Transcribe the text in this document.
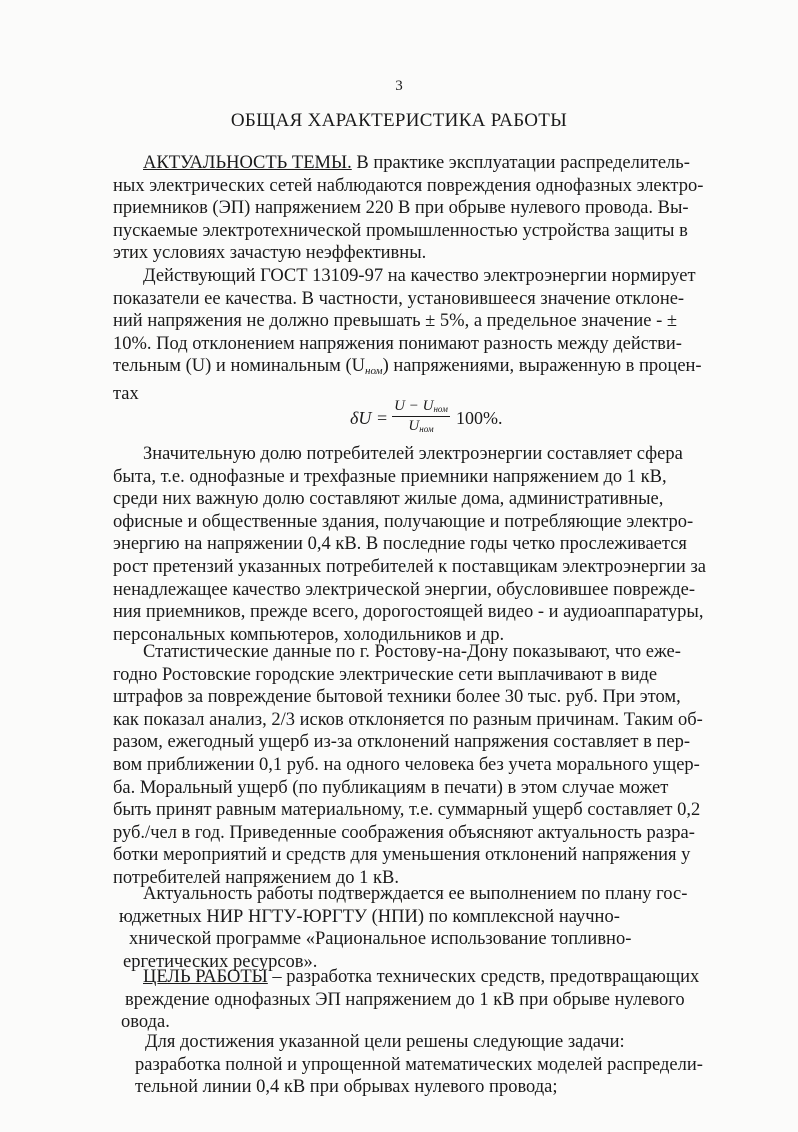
3
ОБЩАЯ ХАРАКТЕРИСТИКА РАБОТЫ
АКТУАЛЬНОСТЬ ТЕМЫ. В практике эксплуатации распределитель-
ных электрических сетей наблюдаются повреждения однофазных электро-
приемников (ЭП) напряжением 220 В при обрыве нулевого провода. Вы-
пускаемые электротехнической промышленностью устройства защиты в
этих условиях зачастую неэффективны.
Действующий ГОСТ 13109-97 на качество электроэнергии нормирует
показатели ее качества. В частности, установившееся значение отклоне-
ний напряжения не должно превышать ± 5%, а предельное значение - ±
10%. Под отклонением напряжения понимают разность между действи-
тельным (U) и номинальным (Uном) напряжениями, выраженную в процен-
тах
δU =
$U - U_{ном}$
$U_{ном}$
100%.
Значительную долю потребителей электроэнергии составляет сфера
быта, т.е. однофазные и трехфазные приемники напряжением до 1 кВ,
среди них важную долю составляют жилые дома, административные,
офисные и общественные здания, получающие и потребляющие электро-
энергию на напряжении 0,4 кВ. В последние годы четко прослеживается
рост претензий указанных потребителей к поставщикам электроэнергии за
ненадлежащее качество электрической энергии, обусловившее поврежде-
ния приемников, прежде всего, дорогостоящей видео - и аудиоаппаратуры,
персональных компьютеров, холодильников и др.
Статистические данные по г. Ростову-на-Дону показывают, что еже-
годно Ростовские городские электрические сети выплачивают в виде
штрафов за повреждение бытовой техники более 30 тыс. руб. При этом,
как показал анализ, 2/3 исков отклоняется по разным причинам. Таким об-
разом, ежегодный ущерб из-за отклонений напряжения составляет в пер-
вом приближении 0,1 руб. на одного человека без учета морального ущер-
ба. Моральный ущерб (по публикациям в печати) в этом случае может
быть принят равным материальному, т.е. суммарный ущерб составляет 0,2
руб./чел в год. Приведенные соображения объясняют актуальность разра-
ботки мероприятий и средств для уменьшения отклонений напряжения у
потребителей напряжением до 1 кВ.
Актуальность работы подтверждается ее выполнением по плану гос-
юджетных НИР НГТУ-ЮРГТУ (НПИ) по комплексной научно-
хнической программе «Рациональное использование топливно-
ергетических ресурсов».
ЦЕЛЬ РАБОТЫ – разработка технических средств, предотвращающих
вреждение однофазных ЭП напряжением до 1 кВ при обрыве нулевого
овода.
Для достижения указанной цели решены следующие задачи:
разработка полной и упрощенной математических моделей распредели-
тельной линии 0,4 кВ при обрывах нулевого провода;
